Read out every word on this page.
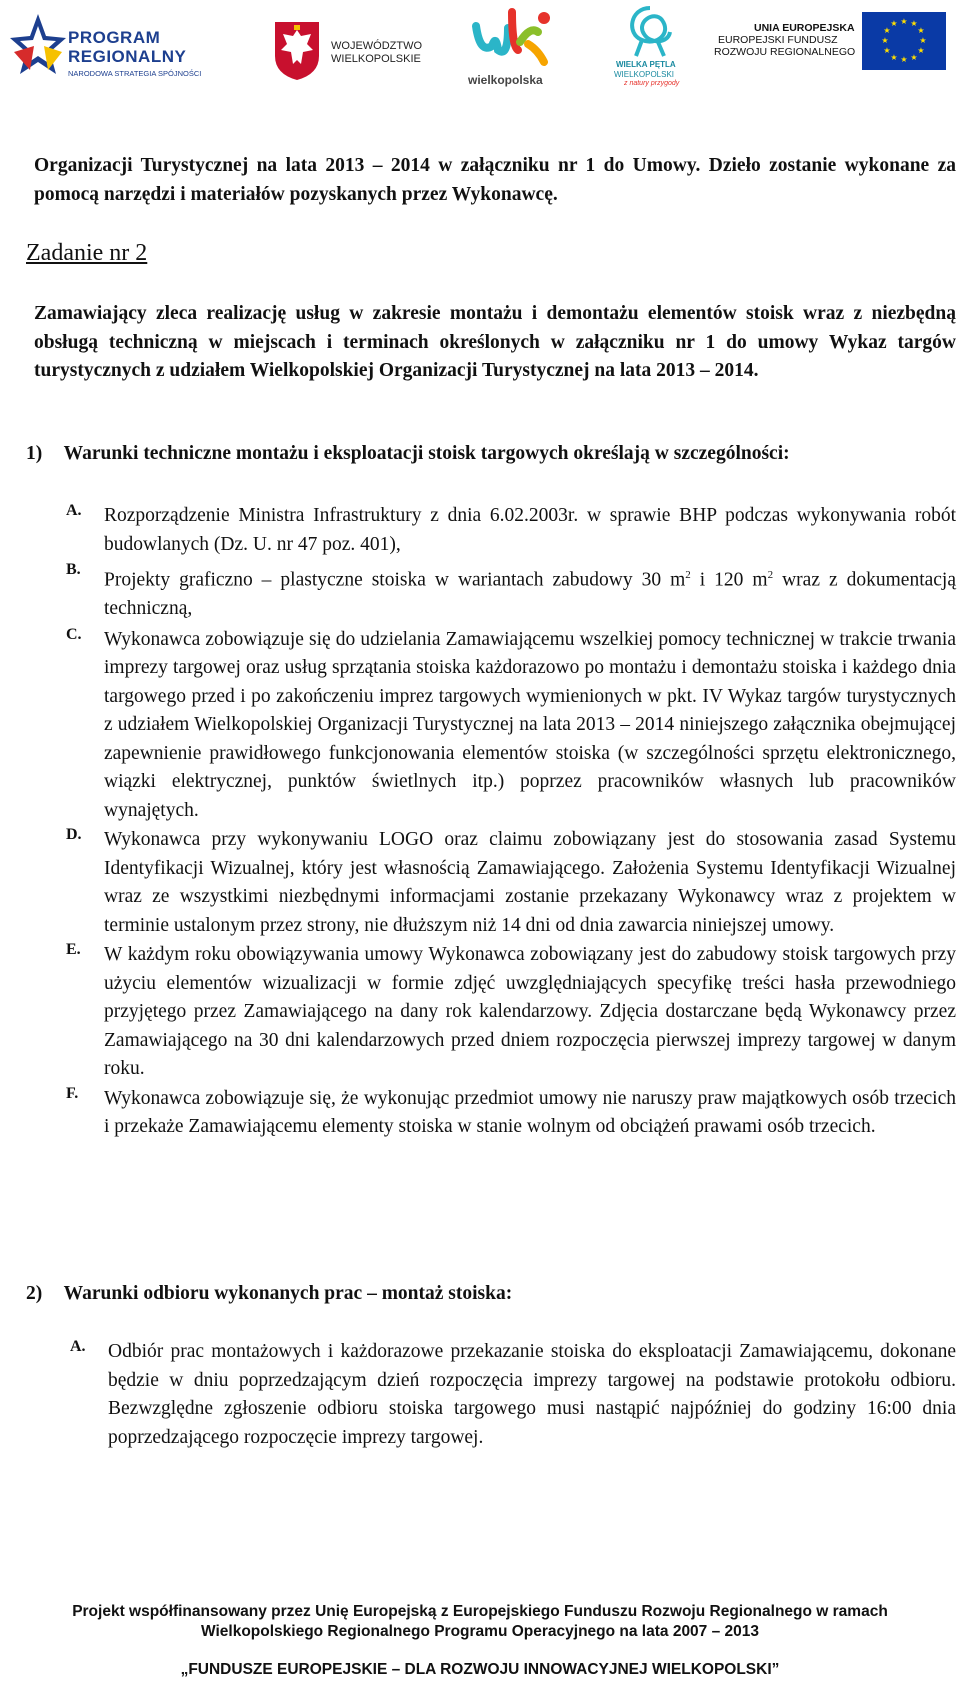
PROGRAM
REGIONALNY
NARODOWA STRATEGIA SPÓJNOŚCI
WOJEWÓDZTWO
WIELKOPOLSKIE
wielkopolska
WIELKA PĘTLA
WIELKOPOLSKI
z natury przygody
UNIA EUROPEJSKA
EUROPEJSKI FUNDUSZ
ROZWOJU REGIONALNEGO
★ ★
★
★
★
★
★
★
★
★
★
★

Organizacji Turystycznej na lata 2013 – 2014 w załączniku nr 1 do Umowy. Dzieło zostanie wykonane za pomocą narzędzi i materiałów pozyskanych przez Wykonawcę.

Zadanie nr 2

Zamawiający zleca realizację usług w zakresie montażu i demontażu elementów stoisk wraz z niezbędną obsługą techniczną w miejscach i terminach określonych w załączniku nr 1 do umowy Wykaz targów turystycznych z udziałem Wielkopolskiej Organizacji Turystycznej na lata 2013 – 2014.

1) Warunki techniczne montażu i eksploatacji stoisk targowych określają w szczególności:
A. Rozporządzenie Ministra Infrastruktury z dnia 6.02.2003r. w sprawie BHP podczas wykonywania robót budowlanych (Dz. U. nr 47 poz. 401),
B. Projekty graficzno – plastyczne stoiska w wariantach zabudowy 30 $m^2$ i 120 $m^2$ wraz z dokumentacją techniczną,
C. Wykonawca zobowiązuje się do udzielania Zamawiającemu wszelkiej pomocy technicznej w trakcie trwania imprezy targowej oraz usług sprzątania stoiska każdorazowo po montażu i demontażu stoiska i każdego dnia targowego przed i po zakończeniu imprez targowych wymienionych w pkt. IV Wykaz targów turystycznych z udziałem Wielkopolskiej Organizacji Turystycznej na lata 2013 – 2014 niniejszego załącznika obejmującej zapewnienie prawidłowego funkcjonowania elementów stoiska (w szczególności sprzętu elektronicznego, wiązki elektrycznej, punktów świetlnych itp.) poprzez pracowników własnych lub pracowników wynajętych.
D. Wykonawca przy wykonywaniu LOGO oraz claimu zobowiązany jest do stosowania zasad Systemu Identyfikacji Wizualnej, który jest własnością Zamawiającego. Założenia Systemu Identyfikacji Wizualnej wraz ze wszystkimi niezbędnymi informacjami zostanie przekazany Wykonawcy wraz z projektem w terminie ustalonym przez strony, nie dłuższym niż 14 dni od dnia zawarcia niniejszej umowy.
E. W każdym roku obowiązywania umowy Wykonawca zobowiązany jest do zabudowy stoisk targowych przy użyciu elementów wizualizacji w formie zdjęć uwzględniających specyfikę treści hasła przewodniego przyjętego przez Zamawiającego na dany rok kalendarzowy. Zdjęcia dostarczane będą Wykonawcy przez Zamawiającego na 30 dni kalendarzowych przed dniem rozpoczęcia pierwszej imprezy targowej w danym roku.
F. Wykonawca zobowiązuje się, że wykonując przedmiot umowy nie naruszy praw majątkowych osób trzecich i przekaże Zamawiającemu elementy stoiska w stanie wolnym od obciążeń prawami osób trzecich.
2) Warunki odbioru wykonanych prac – montaż stoiska:
A. Odbiór prac montażowych i każdorazowe przekazanie stoiska do eksploatacji Zamawiającemu, dokonane będzie w dniu poprzedzającym dzień rozpoczęcia imprezy targowej na podstawie protokołu odbioru. Bezwzględne zgłoszenie odbioru stoiska targowego musi nastąpić najpóźniej do godziny 16:00 dnia poprzedzającego rozpoczęcie imprezy targowej.
Projekt współfinansowany przez Unię Europejską z Europejskiego Funduszu Rozwoju Regionalnego w ramach
Wielkopolskiego Regionalnego Programu Operacyjnego na lata 2007 – 2013
„FUNDUSZE EUROPEJSKIE – DLA ROZWOJU INNOWACYJNEJ WIELKOPOLSKI”
